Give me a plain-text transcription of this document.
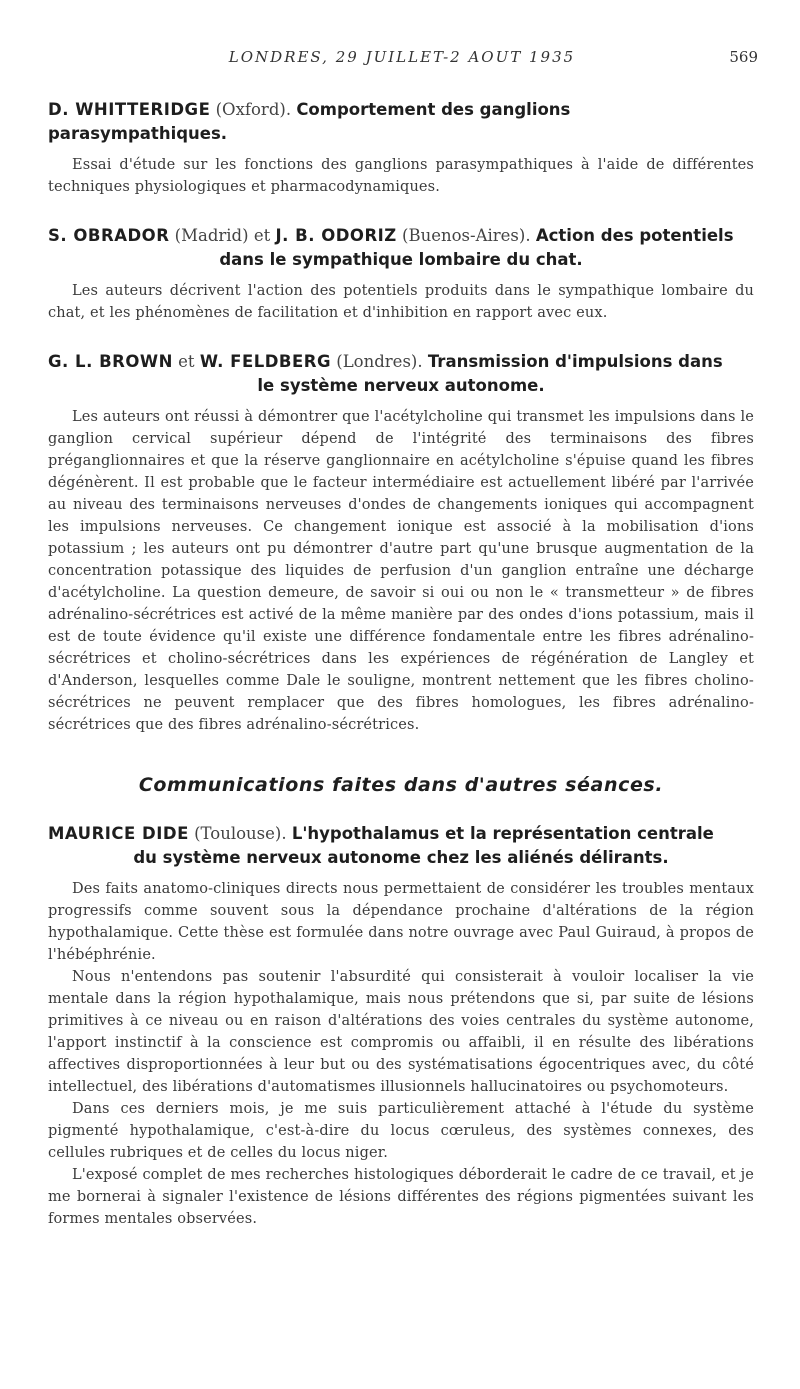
LONDRES, 29 JUILLET-2 AOUT 1935	569
D. WHITTERIDGE (Oxford). Comportement des ganglions parasympathiques.

Essai d'étude sur les fonctions des ganglions parasympathiques à l'aide de différentes techniques physiologiques et pharmacodynamiques.

S. OBRADOR (Madrid) et J. B. ODORIZ (Buenos-Aires). Action des potentiels
dans le sympathique lombaire du chat.

Les auteurs décrivent l'action des potentiels produits dans le sympathique lombaire du chat, et les phénomènes de facilitation et d'inhibition en rapport avec eux.

G. L. BROWN et W. FELDBERG (Londres). Transmission d'impulsions dans
le système nerveux autonome.

Les auteurs ont réussi à démontrer que l'acétylcholine qui transmet les impulsions dans le ganglion cervical supérieur dépend de l'intégrité des terminaisons des fibres préganglionnaires et que la réserve ganglionnaire en acétylcholine s'épuise quand les fibres dégénèrent. Il est probable que le facteur intermédiaire est actuellement libéré par l'arrivée au niveau des terminaisons nerveuses d'ondes de changements ioniques qui accompagnent les impulsions nerveuses. Ce changement ionique est associé à la mobilisation d'ions potassium ; les auteurs ont pu démontrer d'autre part qu'une brusque augmentation de la concentration potassique des liquides de perfusion d'un ganglion entraîne une décharge d'acétylcholine. La question demeure, de savoir si oui ou non le « transmetteur » de fibres adrénalino-sécrétrices est activé de la même manière par des ondes d'ions potassium, mais il est de toute évidence qu'il existe une différence fondamentale entre les fibres adrénalino-sécrétrices et cholino-sécrétrices dans les expériences de régénération de Langley et d'Anderson, lesquelles comme Dale le souligne, montrent nettement que les fibres cholino-sécrétrices ne peuvent remplacer que des fibres homologues, les fibres adrénalino-sécrétrices que des fibres adrénalino-sécrétrices.

Communications faites dans d'autres séances.
MAURICE DIDE (Toulouse). L'hypothalamus et la représentation centrale
du système nerveux autonome chez les aliénés délirants.

Des faits anatomo-cliniques directs nous permettaient de considérer les troubles mentaux progressifs comme souvent sous la dépendance prochaine d'altérations de la région hypothalamique. Cette thèse est formulée dans notre ouvrage avec Paul Guiraud, à propos de l'hébéphrénie.

Nous n'entendons pas soutenir l'absurdité qui consisterait à vouloir localiser la vie mentale dans la région hypothalamique, mais nous prétendons que si, par suite de lésions primitives à ce niveau ou en raison d'altérations des voies centrales du système autonome, l'apport instinctif à la conscience est compromis ou affaibli, il en résulte des libérations affectives disproportionnées à leur but ou des systématisations égocentriques avec, du côté intellectuel, des libérations d'automatismes illusionnels hallucinatoires ou psychomoteurs.

Dans ces derniers mois, je me suis particulièrement attaché à l'étude du système pigmenté hypothalamique, c'est-à-dire du locus cœruleus, des systèmes connexes, des cellules rubriques et de celles du locus niger.

L'exposé complet de mes recherches histologiques déborderait le cadre de ce travail, et je me bornerai à signaler l'existence de lésions différentes des régions pigmentées suivant les formes mentales observées.
